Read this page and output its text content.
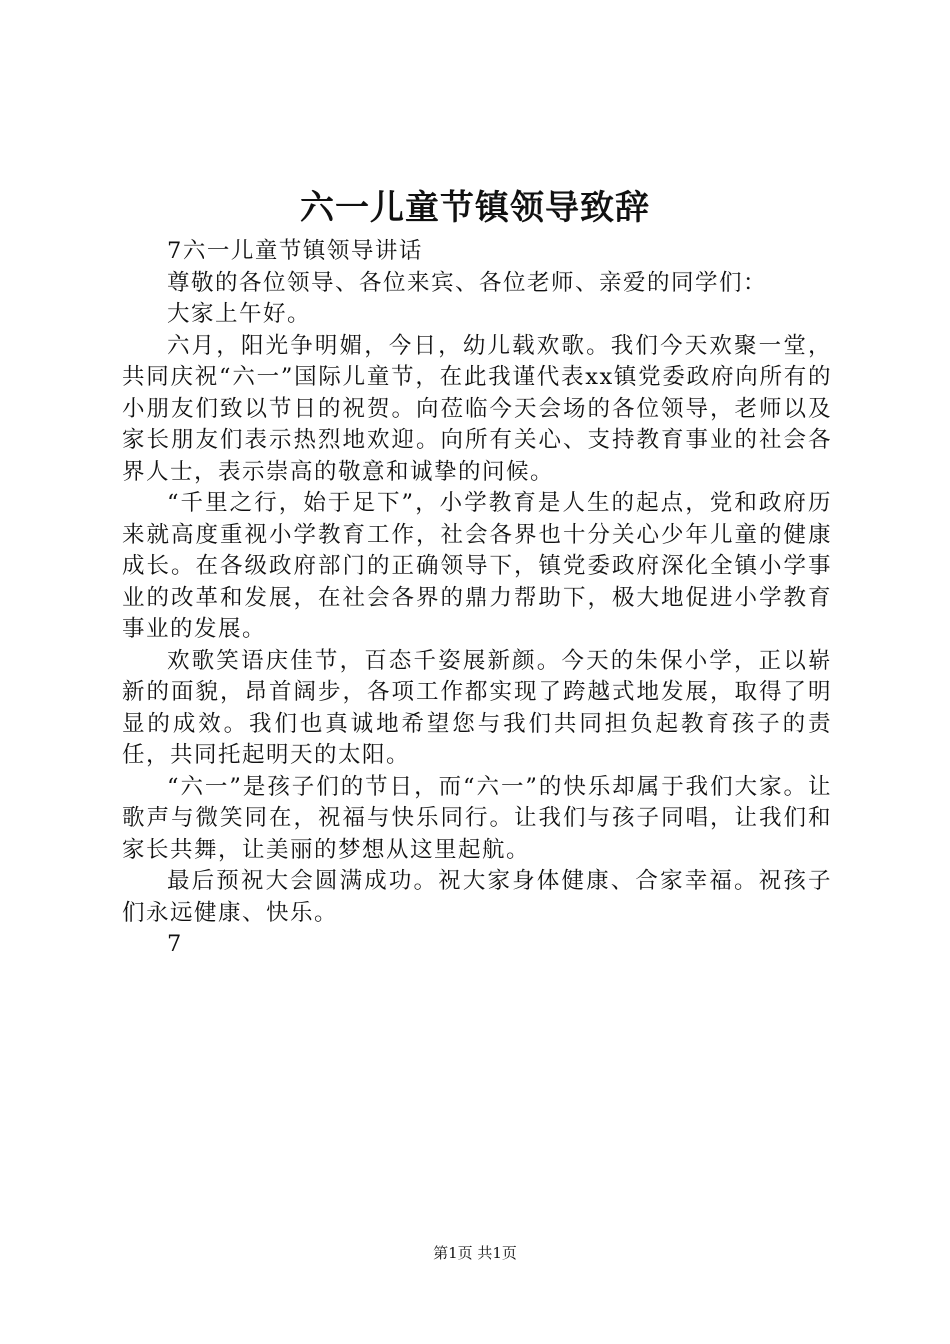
六一儿童节镇领导致辞

7六一儿童节镇领导讲话

尊敬的各位领导、各位来宾、各位老师、亲爱的同学们：

大家上午好。

六月，阳光争明媚，今日，幼儿载欢歌。我们今天欢聚一堂，共同庆祝“六一”国际儿童节，在此我谨代表xx镇党委政府向所有的小朋友们致以节日的祝贺。向莅临今天会场的各位领导，老师以及家长朋友们表示热烈地欢迎。向所有关心、支持教育事业的社会各界人士，表示崇高的敬意和诚挚的问候。

“千里之行，始于足下”，小学教育是人生的起点，党和政府历来就高度重视小学教育工作，社会各界也十分关心少年儿童的健康成长。在各级政府部门的正确领导下，镇党委政府深化全镇小学事业的改革和发展，在社会各界的鼎力帮助下，极大地促进小学教育事业的发展。

欢歌笑语庆佳节，百态千姿展新颜。今天的朱保小学，正以崭新的面貌，昂首阔步，各项工作都实现了跨越式地发展，取得了明显的成效。我们也真诚地希望您与我们共同担负起教育孩子的责任，共同托起明天的太阳。

“六一”是孩子们的节日，而“六一”的快乐却属于我们大家。让歌声与微笑同在，祝福与快乐同行。让我们与孩子同唱，让我们和家长共舞，让美丽的梦想从这里起航。

最后预祝大会圆满成功。祝大家身体健康、合家幸福。祝孩子们永远健康、快乐。

7

第1页 共1页
